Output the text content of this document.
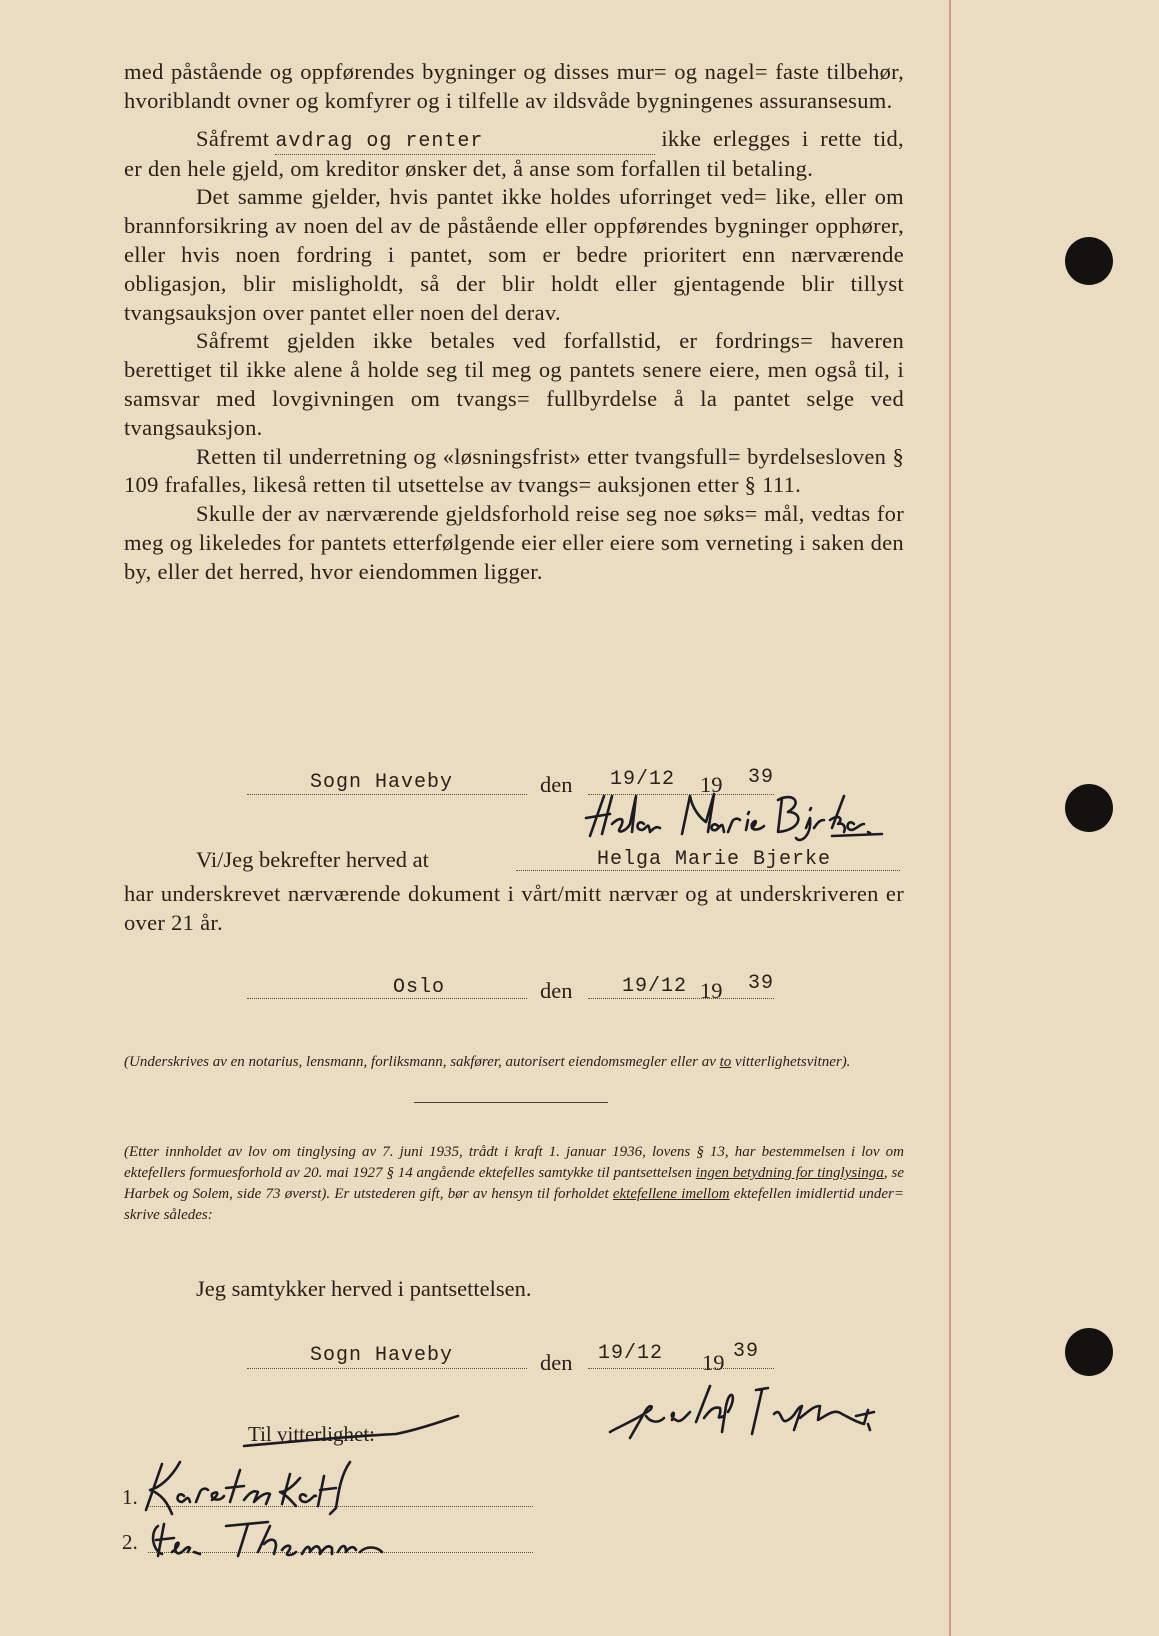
med påstående og oppførendes bygninger og disses mur= og nagel= faste tilbehør, hvoriblandt ovner og komfyrer og i tilfelle av ildsvåde bygningenes assuransesum.

Såfremt avdrag og renter	ikke erlegges i rette tid, er den hele gjeld, om kreditor ønsker det, å anse som forfallen til betaling.

Det samme gjelder, hvis pantet ikke holdes uforringet ved= like, eller om brannforsikring av noen del av de påstående eller oppførendes bygninger opphører, eller hvis noen fordring i pantet, som er bedre prioritert enn nærværende obligasjon, blir misligholdt, så der blir holdt eller gjentagende blir tillyst tvangsauksjon over pantet eller noen del derav.

Såfremt gjelden ikke betales ved forfallstid, er fordrings= haveren berettiget til ikke alene å holde seg til meg og pantets senere eiere, men også til, i samsvar med lovgivningen om tvangs= fullbyrdelse å la pantet selge ved tvangsauksjon.

Retten til underretning og «løsningsfrist» etter tvangsfull= byrdelsesloven § 109 frafalles, likeså retten til utsettelse av tvangs= auksjonen etter § 111.

Skulle der av nærværende gjeldsforhold reise seg noe søks= mål, vedtas for meg og likeledes for pantets etterfølgende eier eller eiere som verneting i saken den by, eller det herred, hvor eiendommen ligger.

Sogn Haveby	den 19/12 19 39
Vi/Jeg bekrefter herved at	Helga Marie Bjerke

har underskrevet nærværende dokument i vårt/mitt nærvær og at underskriveren er over 21 år.

Oslo	den 19/12 19 39
(Underskrives av en notarius, lensmann, forliksmann, sakfører, autorisert eiendomsmegler eller av to vitterlighetsvitner).
(Etter innholdet av lov om tinglysing av 7. juni 1935, trådt i kraft 1. januar 1936, lovens § 13, har bestemmelsen i lov om ektefellers formuesforhold av 20. mai 1927 § 14 angående ektefelles samtykke til pantsettelsen ingen betydning for tinglysinga, se Harbek og Solem, side 73 øverst). Er utstederen gift, bør av hensyn til forholdet ektefellene imellom ektefellen imidlertid under= skrive således:
Jeg samtykker herved i pantsettelsen.
Sogn Haveby	den 19/12 19 39
Til vitterlighet:
1.
2.
